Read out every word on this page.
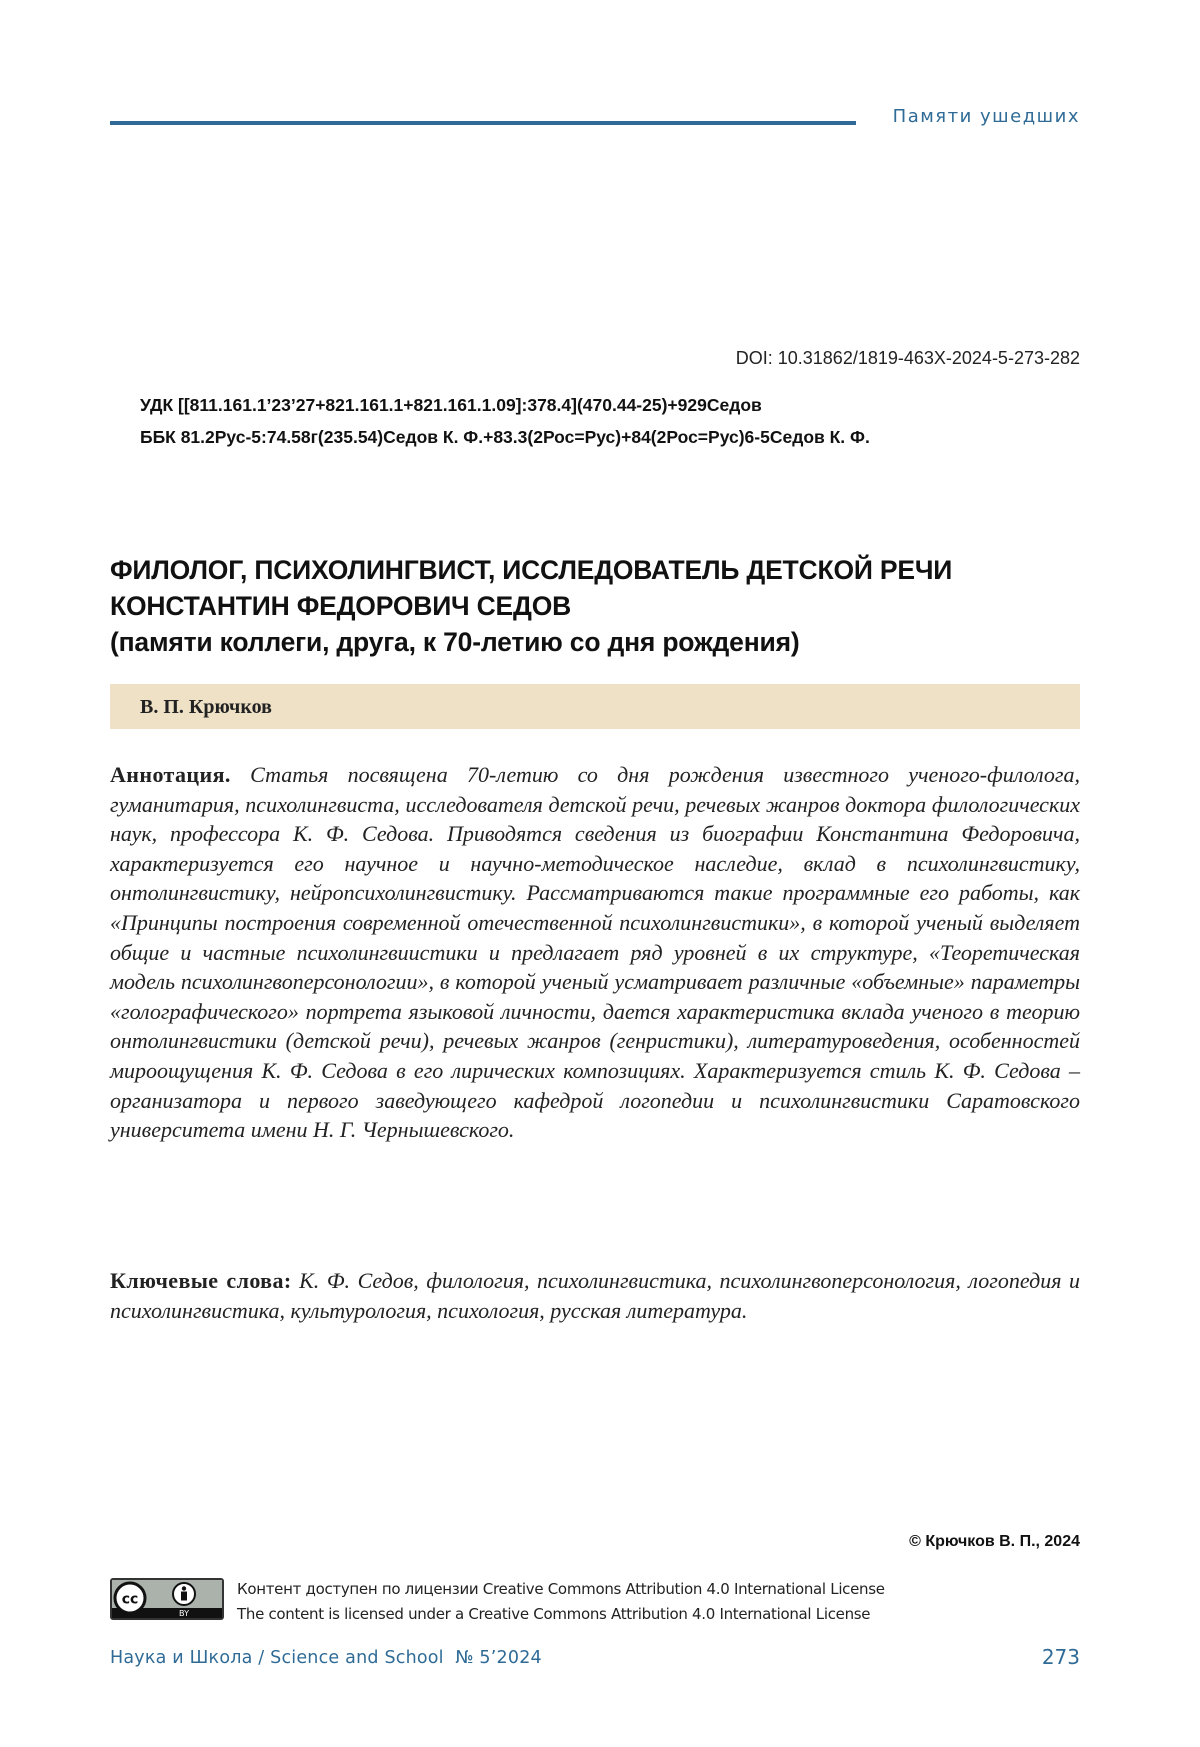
Памяти ушедших
DOI: 10.31862/1819-463X-2024-5-273-282
УДК [[811.161.1’23’27+821.161.1+821.161.1.09]:378.4](470.44-25)+929Седов
ББК 81.2Рус-5:74.58г(235.54)Седов К. Ф.+83.3(2Рос=Рус)+84(2Рос=Рус)6-5Седов К. Ф.
ФИЛОЛОГ, ПСИХОЛИНГВИСТ, ИССЛЕДОВАТЕЛЬ ДЕТСКОЙ РЕЧИ
КОНСТАНТИН ФЕДОРОВИЧ СЕДОВ
(памяти коллеги, друга, к 70-летию со дня рождения)
В. П. Крючков
Аннотация. Статья посвящена 70-летию со дня рождения известного ученого-филолога, гуманитария, психолингвиста, исследователя детской речи, речевых жанров доктора филологических наук, профессора К. Ф. Седова. Приводятся сведения из биографии Константина Федоровича, характеризуется его научное и научно-методическое наследие, вклад в психолингвистику, онтолингвистику, нейропсихолингвистику. Рассматриваются такие программные его работы, как «Принципы построения современной отечественной психолингвистики», в которой ученый выделяет общие и частные психолингвиистики и предлагает ряд уровней в их структуре, «Теоретическая модель психолингвоперсонологии», в которой ученый усматривает различные «объемные» параметры «голографического» портрета языковой личности, дается характеристика вклада ученого в теорию онтолингвистики (детской речи), речевых жанров (генристики), литературоведения, особенностей мироощущения К. Ф. Седова в его лирических композициях. Характеризуется стиль К. Ф. Седова – организатора и первого заведующего кафедрой логопедии и психолингвистики Саратовского университета имени Н. Г. Чернышевского.
Ключевые слова: К. Ф. Седов, филология, психолингвистика, психолингвоперсонология, логопедия и психолингвистика, культурология, психология, русская литература.
© Крючков В. П., 2024
cc
BY
Контент доступен по лицензии Creative Commons Attribution 4.0 International License
The content is licensed under a Creative Commons Attribution 4.0 International License
Наука и Школа / Science and School  № 5’2024	273
